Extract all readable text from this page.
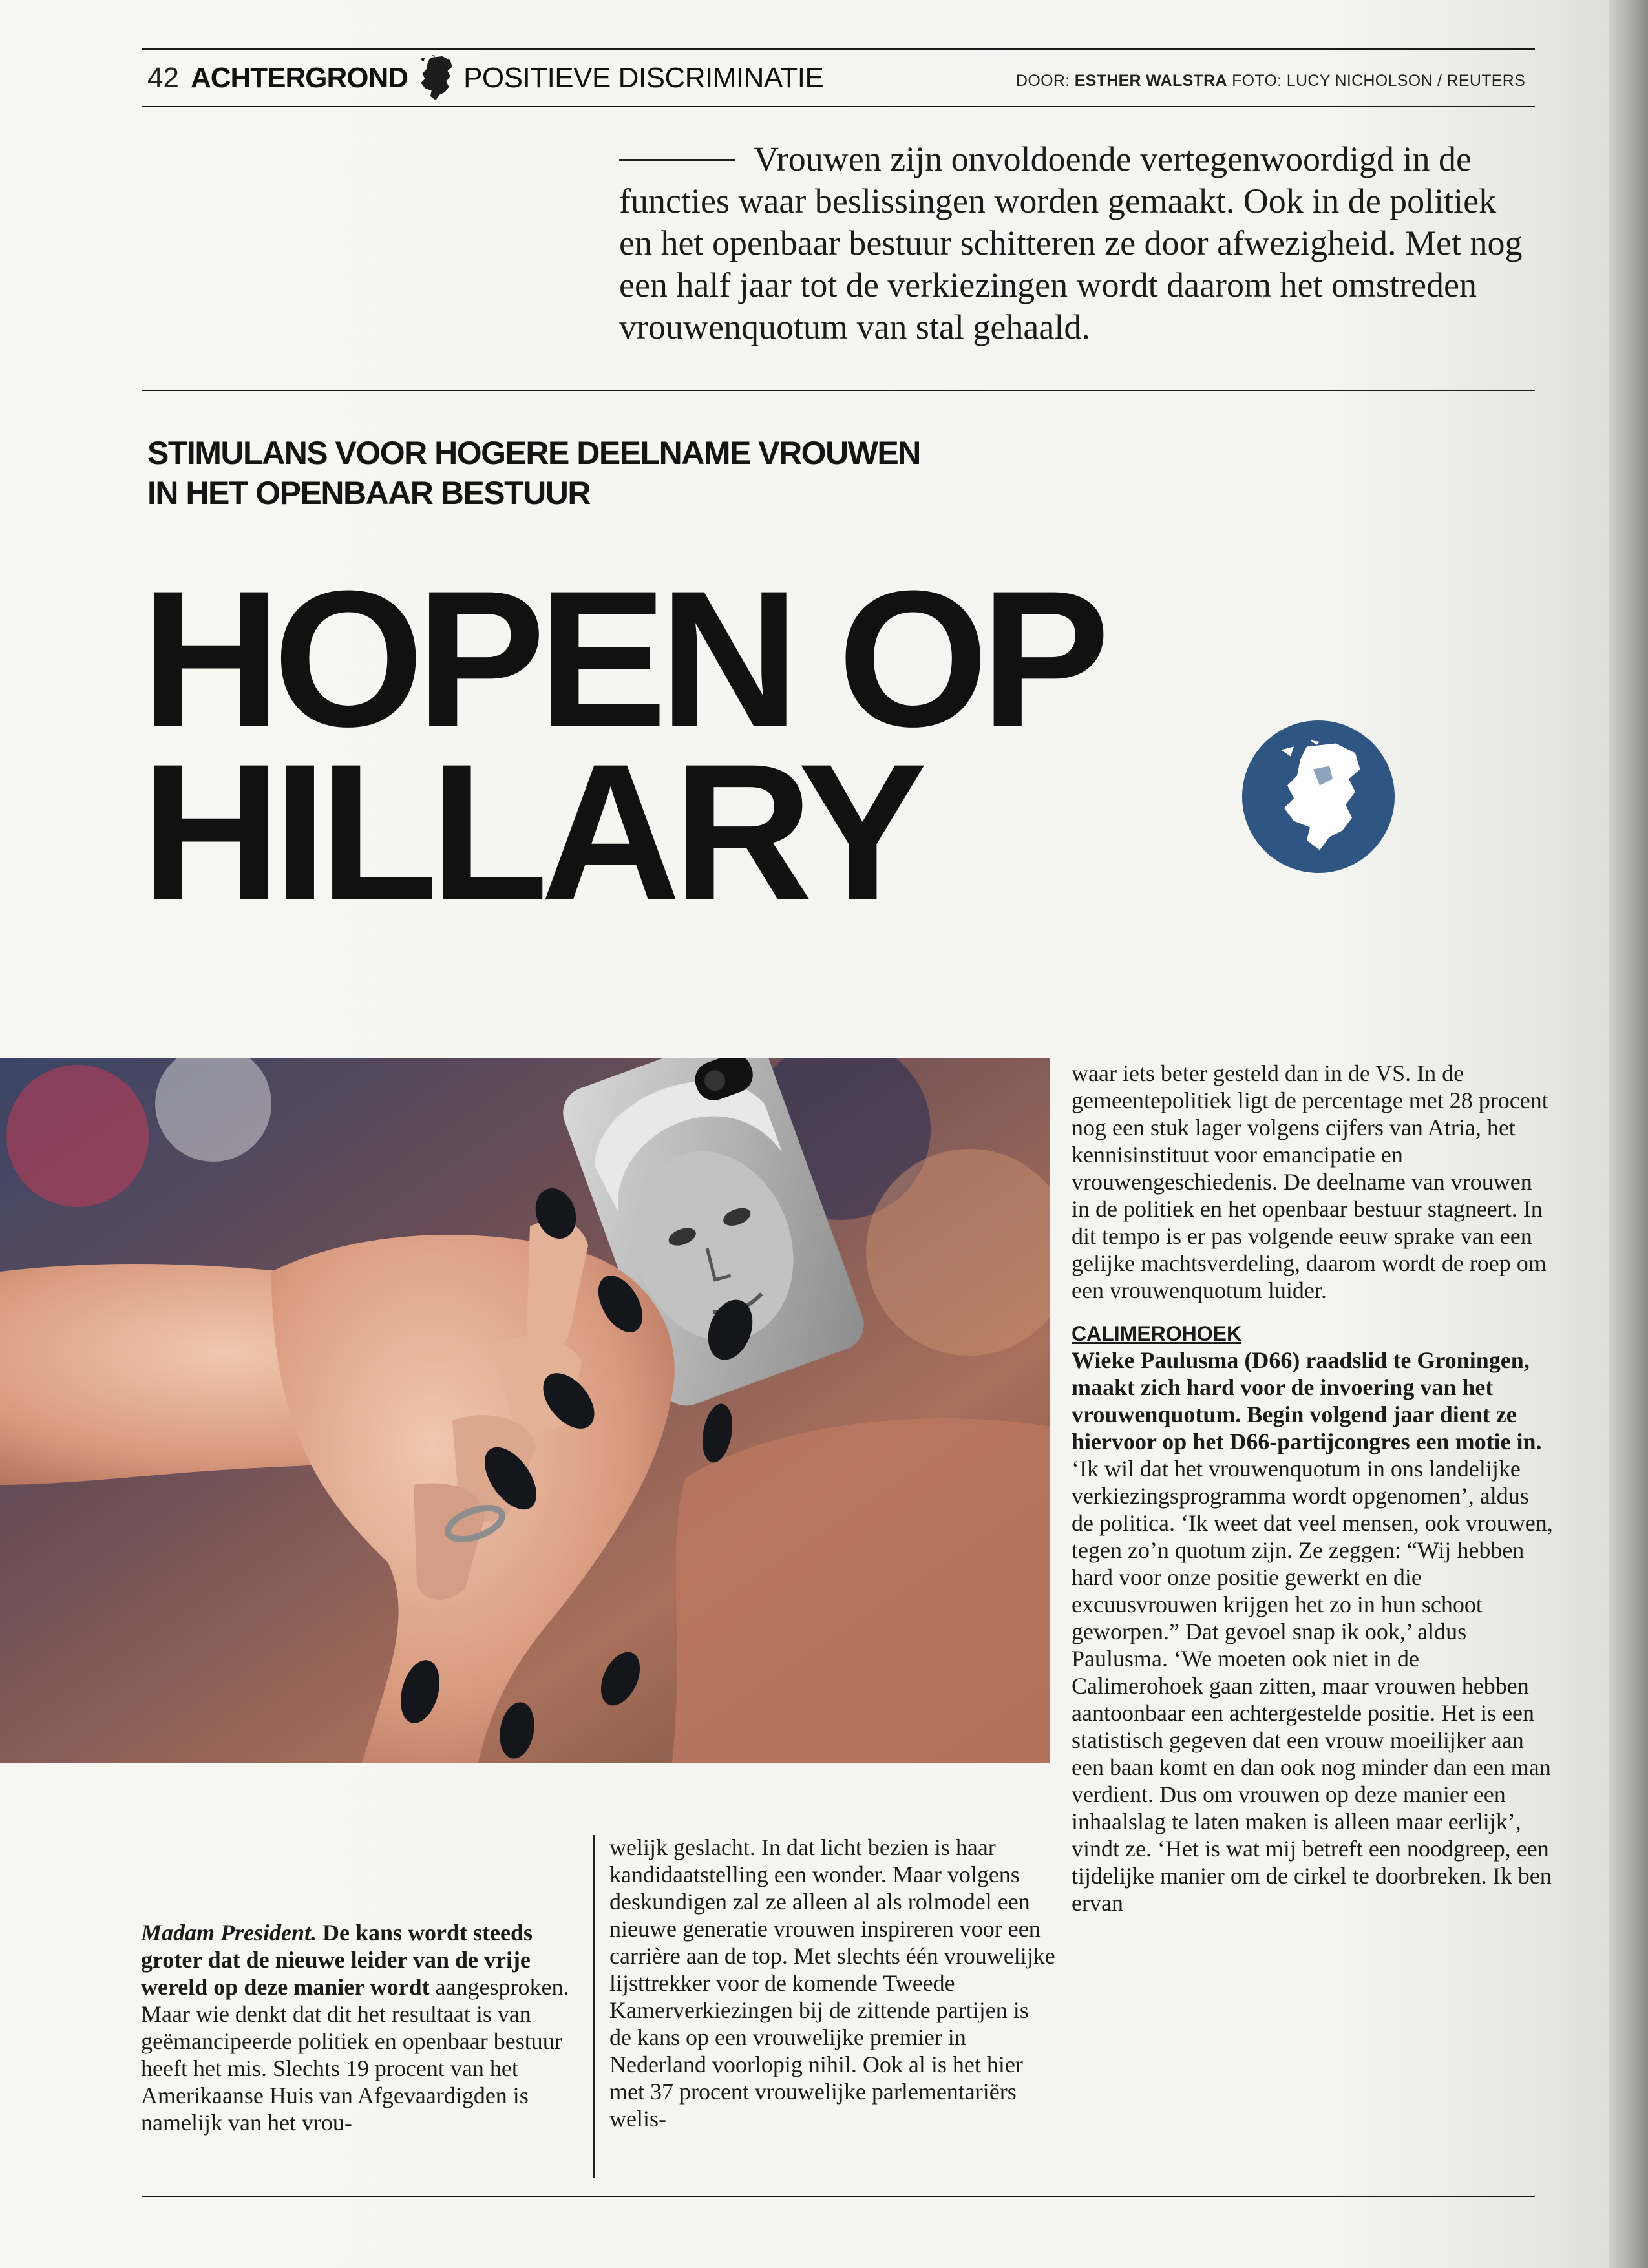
42 ACHTERGROND POSITIEVE DISCRIMINATIE	DOOR: ESTHER WALSTRA FOTO: LUCY NICHOLSON / REUTERS
Vrouwen zijn onvoldoende vertegenwoordigd in de functies waar beslissingen worden gemaakt. Ook in de politiek en het openbaar bestuur schitteren ze door afwezigheid. Met nog een half jaar tot de verkiezingen wordt daarom het omstreden vrouwenquotum van stal gehaald.
STIMULANS VOOR HOGERE DEELNAME VROUWEN
IN HET OPENBAAR BESTUUR
HOPEN OP
HILLARY

waar iets beter gesteld dan in de VS. In de gemeentepolitiek ligt de percentage met 28 procent nog een stuk lager volgens cijfers van Atria, het kennisinstituut voor emancipatie en vrouwengeschiedenis. De deelname van vrouwen in de politiek en het openbaar bestuur stagneert. In dit tempo is er pas volgende eeuw sprake van een gelijke machtsverdeling, daarom wordt de roep om een vrouwenquotum luider.

CALIMEROHOEK

Wieke Paulusma (D66) raadslid te Groningen, maakt zich hard voor de invoering van het vrouwenquotum. Begin volgend jaar dient ze hiervoor op het D66-partijcongres een motie in. ‘Ik wil dat het vrouwenquotum in ons landelijke verkiezingsprogramma wordt opgenomen’, aldus de politica. ‘Ik weet dat veel mensen, ook vrouwen, tegen zo’n quotum zijn. Ze zeggen: “Wij hebben hard voor onze positie gewerkt en die excuusvrouwen krijgen het zo in hun schoot geworpen.” Dat gevoel snap ik ook,’ aldus Paulusma. ‘We moeten ook niet in de Calimerohoek gaan zitten, maar vrouwen hebben aantoonbaar een achtergestelde positie. Het is een statistisch gegeven dat een vrouw moeilijker aan een baan komt en dan ook nog minder dan een man verdient. Dus om vrouwen op deze manier een inhaalslag te laten maken is alleen maar eerlijk’, vindt ze. ‘Het is wat mij betreft een noodgreep, een tijdelijke manier om de cirkel te doorbreken. Ik ben ervan

Madam President. De kans wordt steeds groter dat de nieuwe leider van de vrije wereld op deze manier wordt aangesproken. Maar wie denkt dat dit het resultaat is van geëmancipeerde politiek en openbaar bestuur heeft het mis. Slechts 19 procent van het Amerikaanse Huis van Afgevaardigden is namelijk van het vrou-

welijk geslacht. In dat licht bezien is haar kandidaatstelling een wonder. Maar volgens deskundigen zal ze alleen al als rolmodel een nieuwe generatie vrouwen inspireren voor een carrière aan de top. Met slechts één vrouwelijke lijsttrekker voor de komende Tweede Kamerverkiezingen bij de zittende partijen is de kans op een vrouwelijke premier in Nederland voorlopig nihil. Ook al is het hier met 37 procent vrouwelijke parlementariërs welis-
